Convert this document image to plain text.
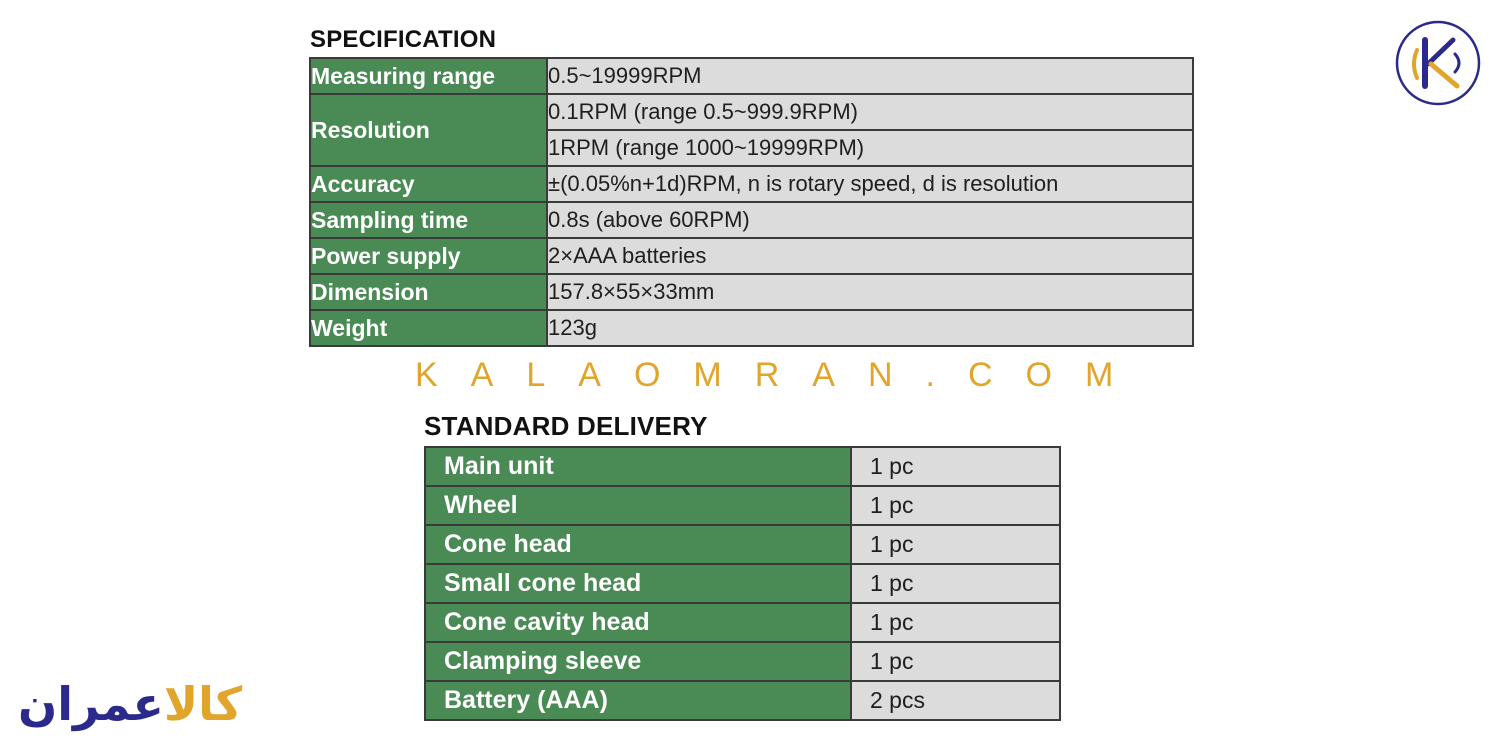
SPECIFICATION
Measuring range	0.5~19999RPM
Resolution	0.1RPM (range 0.5~999.9RPM)
	1RPM (range 1000~19999RPM)
Accuracy	±(0.05%n+1d)RPM, n is rotary speed, d is resolution
Sampling time	0.8s (above 60RPM)
Power supply	2×AAA batteries
Dimension	157.8×55×33mm
Weight	123g
KALAOMRAN.COM
STANDARD DELIVERY
Main unit	1 pc
Wheel	1 pc
Cone head	1 pc
Small cone head	1 pc
Cone cavity head	1 pc
Clamping sleeve	1 pc
Battery (AAA)	2 pcs
کالاعمران
